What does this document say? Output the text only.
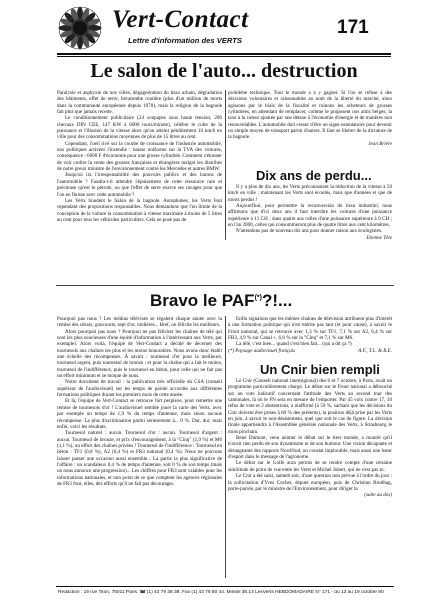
Vert-Contact
Lettre d'information des VERTS
171
Le salon de l'auto... destruction

Paralysie et asphyxie de nos villes, dégagnération du tissu urbain, dégradation des bâtiments, effet de serre, hécatombe routière (plus d'un million de morts dans la communauté européenne depuis 1970), mais la religion de la bagnole fait plus que jamais recette.

Le conditionnement publicitaire (24 soupapes sous haute tension, 200 chevaux DIN CEE, 147 KW à 6000 tours/minute), célèbre le culte de la puissance et l'illusion de la vitesse alors qu'on atteint péniblement 10 km/h en ville pour des consommations moyennes de plus de 15 litres au cent.

Cependant, l'oeil rivé sur la courbe de croissance de l'industrie automobile, nos politiques activent l'incendie : baisse uniforme sur la TVA des voitures, conséquence : 6000 F d'économie pour une grosse cylindrée. Comment s'étonner de voir croître la vente des grosses françaises et étrangères malgré les diatribes de notre preux ministre de l'environnement contre les Mercedes et autres BMW.

Jusqu'où ira l'irresponsabilité des pouvoirs publics et des barons de l'automobile ? Faudra-t-il attendre l'épuisement de cette ressource rare et précieuse qu'est le pétrole, ou que l'effet de serre exerce ses ravages pour que l'on en finisse avec cette automobile ?

Les Verts boudent le Salon de la bagnole. Autophobes, les Verts font cependant des propositions responsables. Nous demandons que l'on limite de la conception de la voiture la consommation à vitesse maximale à moins de 5 litres au cent pour tous les véhicules particuliers. Cela ne pose pas de

problème technique. Tout le monde a à y gagner. Si l'on se refuse à des décisions volontaires et raisonnables au nom de la liberté du marché, alors agissons par le biais de la fiscalité et ruinons les acheteurs de grosses cylindrées, en attendant de remplacer, comme le proposent nos amis belges, la taxe à la valeur ajoutée par une détaxe à l'économie d'énergie et de matières non renouvelables. L'automobile doit cesser d'être un signe ostentatoire pour devenir un simple moyen de transport parmi d'autres. Il faut se libérer de la dictature de la bagnole.

Jean Brière
Dix ans de perdu...

Il y a plus de dix ans, les Verts préconisaient la réduction de la vitesse à 50 km/h en ville ; maintenant les Verts sont écoutés, mais que d'années et que de morts perdus !

Aujourd'hui, pour permettre la reconversion du tissu industriel, nous affirmons que d'ici deux ans il faut interdire les voitures d'une puissance supérieure à 11 CH ; dans quatre ans celles d'une puissance supérieure à 9 CH ; en l'an 2000, celles qui consommeront plus de quatre litres aux cent kilomètres.

N'attendons pas de nouveau dix ans pour donner raison aux écologistes.

Etienne Tête
Bravo le PAF(*)?!...

Pourquoi pas nous ? Les médias télévisés se régalent chaque année avec la remise des césars, goncourts, sept d'or, molières... Bref, on félicite les meilleurs.

Alors pourquoi pas nous ? Pourquoi ne pas féliciter les chaînes de télé qui sont les plus soucieuses d'une équité d'information à l'intérressant aux Verts, par exemple). Alors voilà, l'équipe de Vert-Contact a décidé de décerner des tournesols aux chaînes les plus et les moins honorables. Nous avons donc établi une échelle des récompenses. À savoir : tournesol d'or pour la meilleure, tournesol argent, puis tournesol de bronze ; et pour la chaîne qui a fait le moins, tournesol de l'indifférence, puis le tournesol en béton, pour celle qui ne fait pas un effort minimum et se moque de nous.

Notre document de travail : la publication très officielle du CSA (conseil supérieur de l'audiovisuel) sur les temps de parole accordés aux différentes formations politiques durant les premiers mois de cette année.

Et là, l'équipe de Vert-Contact se retrouve fort perplexe, pour remettre une remise de tournesols d'or ! L'audiovisuel semble jouer la carte des Verts, avec par exemple un temps de 1,9 % du temps d'antenne, mais sinon aucune récompense. La plus discrimination parmi seriesement à... 0 %. Dur, dur, mais enfin, voici les résultats.

Tournesol naturel : aucun. Tournesol d'or : aucun. Tournesol d'argent : aucun. Tournesol de bronze, et prix d'encouragement, à la "Cinq" (1,9 %) et M6 (1,1 %), un effort des chaînes privées ! Tournesol de l'indifférence : Tournesol en béton : TF1 (0,8 %), A2 (0,4 %) et FR3 national (0,4 %). Nous ne pouvons laisser passer une occasion aussi ensemble... La partie la plus significative de l'affaire : un scandaleux 0,4 % de temps d'antenne, soit 0 % de son temps (mais on nous annonce une progression)... Les chiffres pour FR3 sont valables pour les informations nationales, et non point de ce que comptent les agences régionales de FR3 font, elles, des efforts qu'il ne fait pas décourager.

Enfin signalons que les mêmes chaînes de télévision attribuent plus d'intérêt à une formation politique qui n'en mérite pas tant (et pour cause), à savoir le Front national, qui se retrouve avec 1,3 % sur TF1, 7,1 % sur A2, 6,4 % sur FR3, 4,9 % sur Canal +, 6,6 % sur la "Cinq" et 7,1 % sur M6.

La télé, c'est bien... quand c'est bien fait... (qui a dit ça ?)

(*) Paysage audiovisuel français	A.F., T.L. & R.E.
Un Cnir bien rempli

Le Cnir (Conseil national interrégional) des 6 et 7 octobre, à Paris, avait un programme particulièrement chargé. Le débat sur le Front national a débouché sur un vote indicatif concernant l'attitude des Verts au second tour des cantonales, là où le FN sera en mesure de l'emporter. Par 45 voix contre 17, 10 refus de vote et 2 abstentions, a réaffirmé (à 59 %, sachant que les décisions du Cnir doivent être prises à 60 % des présents), la position déjà prise par les Verts en juin, à savoir le non-désistement, quel que soit le cas de figure. La décision finale appartiendra à l'Assemblée générale nationale des Verts, à Strasbourg le mois prochain.

René Dumont, venu animer le débat sur le tiers monde, a montré qu'il n'avait rien perdu de son dynamisme ni de son humour. Une vision décapante et dérangeante des rapports Nord/Sud, un constat implacable, mais aussi une lueur d'espoir dans le message de l'agronome.

Le débat sur le Golfe aura permis de se rendre compte d'une certaine similitude de point de vue entre les Verts et Michel Jobert, qui ne s'est pas tu.

Le Cnir a été saisi, samedi soir, d'une question non prévue à l'ordre du jour : la sollicitation d'Yves Cochet, député européen, puis de Christian Brodhag, porte-parole, par le ministre de l'Environnement, pour diriger la

(suite au dos)
Rédaction : 19 rue Titon, 75011 Paris. ☎ (1) 43 79 38 38. Fax (1) 43 79 50 44. Minitel 36.14 LesVerts HEBDOMADAIRE N° 171 - du 13 au 19 octobre 90
